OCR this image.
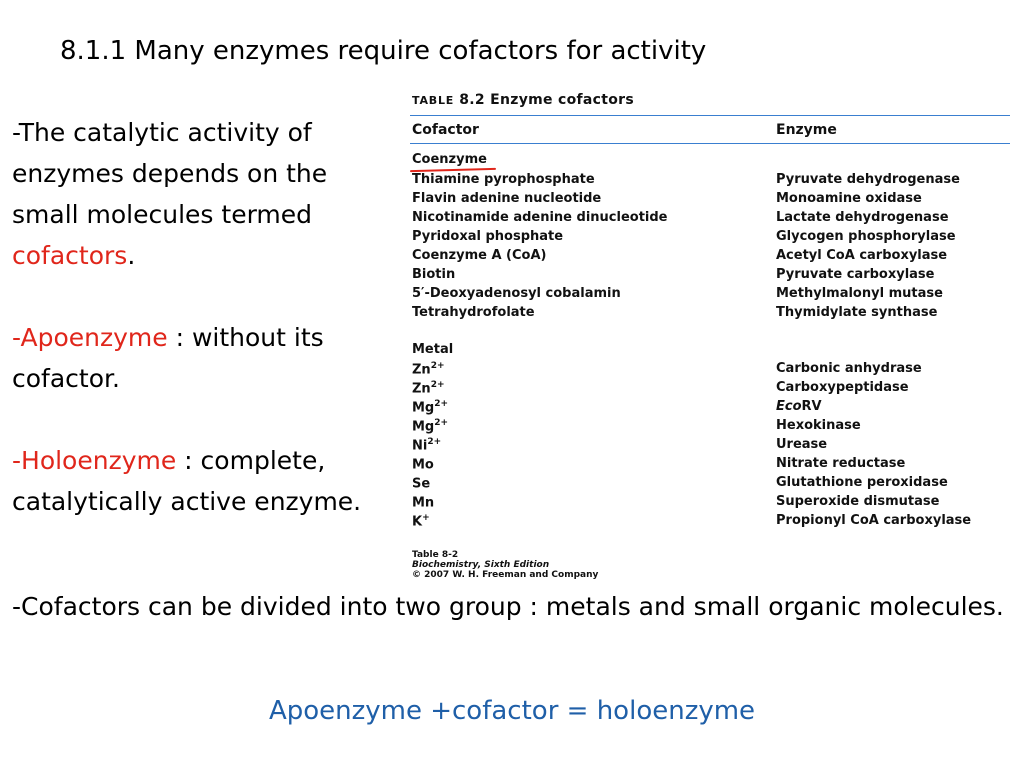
8.1.1 Many enzymes require cofactors for activity

-The catalytic activity of enzymes depends on the small molecules termed cofactors.

-Apoenzyme : without its cofactor.

-Holoenzyme : complete, catalytically active enzyme.

TABLE 8.2 Enzyme cofactors
Cofactor	Enzyme
Coenzyme
Thiamine pyrophosphate	Pyruvate dehydrogenase
Flavin adenine nucleotide	Monoamine oxidase
Nicotinamide adenine dinucleotide	Lactate dehydrogenase
Pyridoxal phosphate	Glycogen phosphorylase
Coenzyme A (CoA)	Acetyl CoA carboxylase
Biotin	Pyruvate carboxylase
5′-Deoxyadenosyl cobalamin	Methylmalonyl mutase
Tetrahydrofolate	Thymidylate synthase
Metal
$Zn^{2+}$	Carbonic anhydrase
$Zn^{2+}$	Carboxypeptidase
$Mg^{2+}$	EcoRV
$Mg^{2+}$	Hexokinase
$Ni^{2+}$	Urease
Mo	Nitrate reductase
Se	Glutathione peroxidase
Mn	Superoxide dismutase
K+	Propionyl CoA carboxylase
Table 8-2
Biochemistry, Sixth Edition
© 2007 W. H. Freeman and Company
-Cofactors can be divided into two group : metals and small organic molecules.
Apoenzyme +cofactor = holoenzyme
